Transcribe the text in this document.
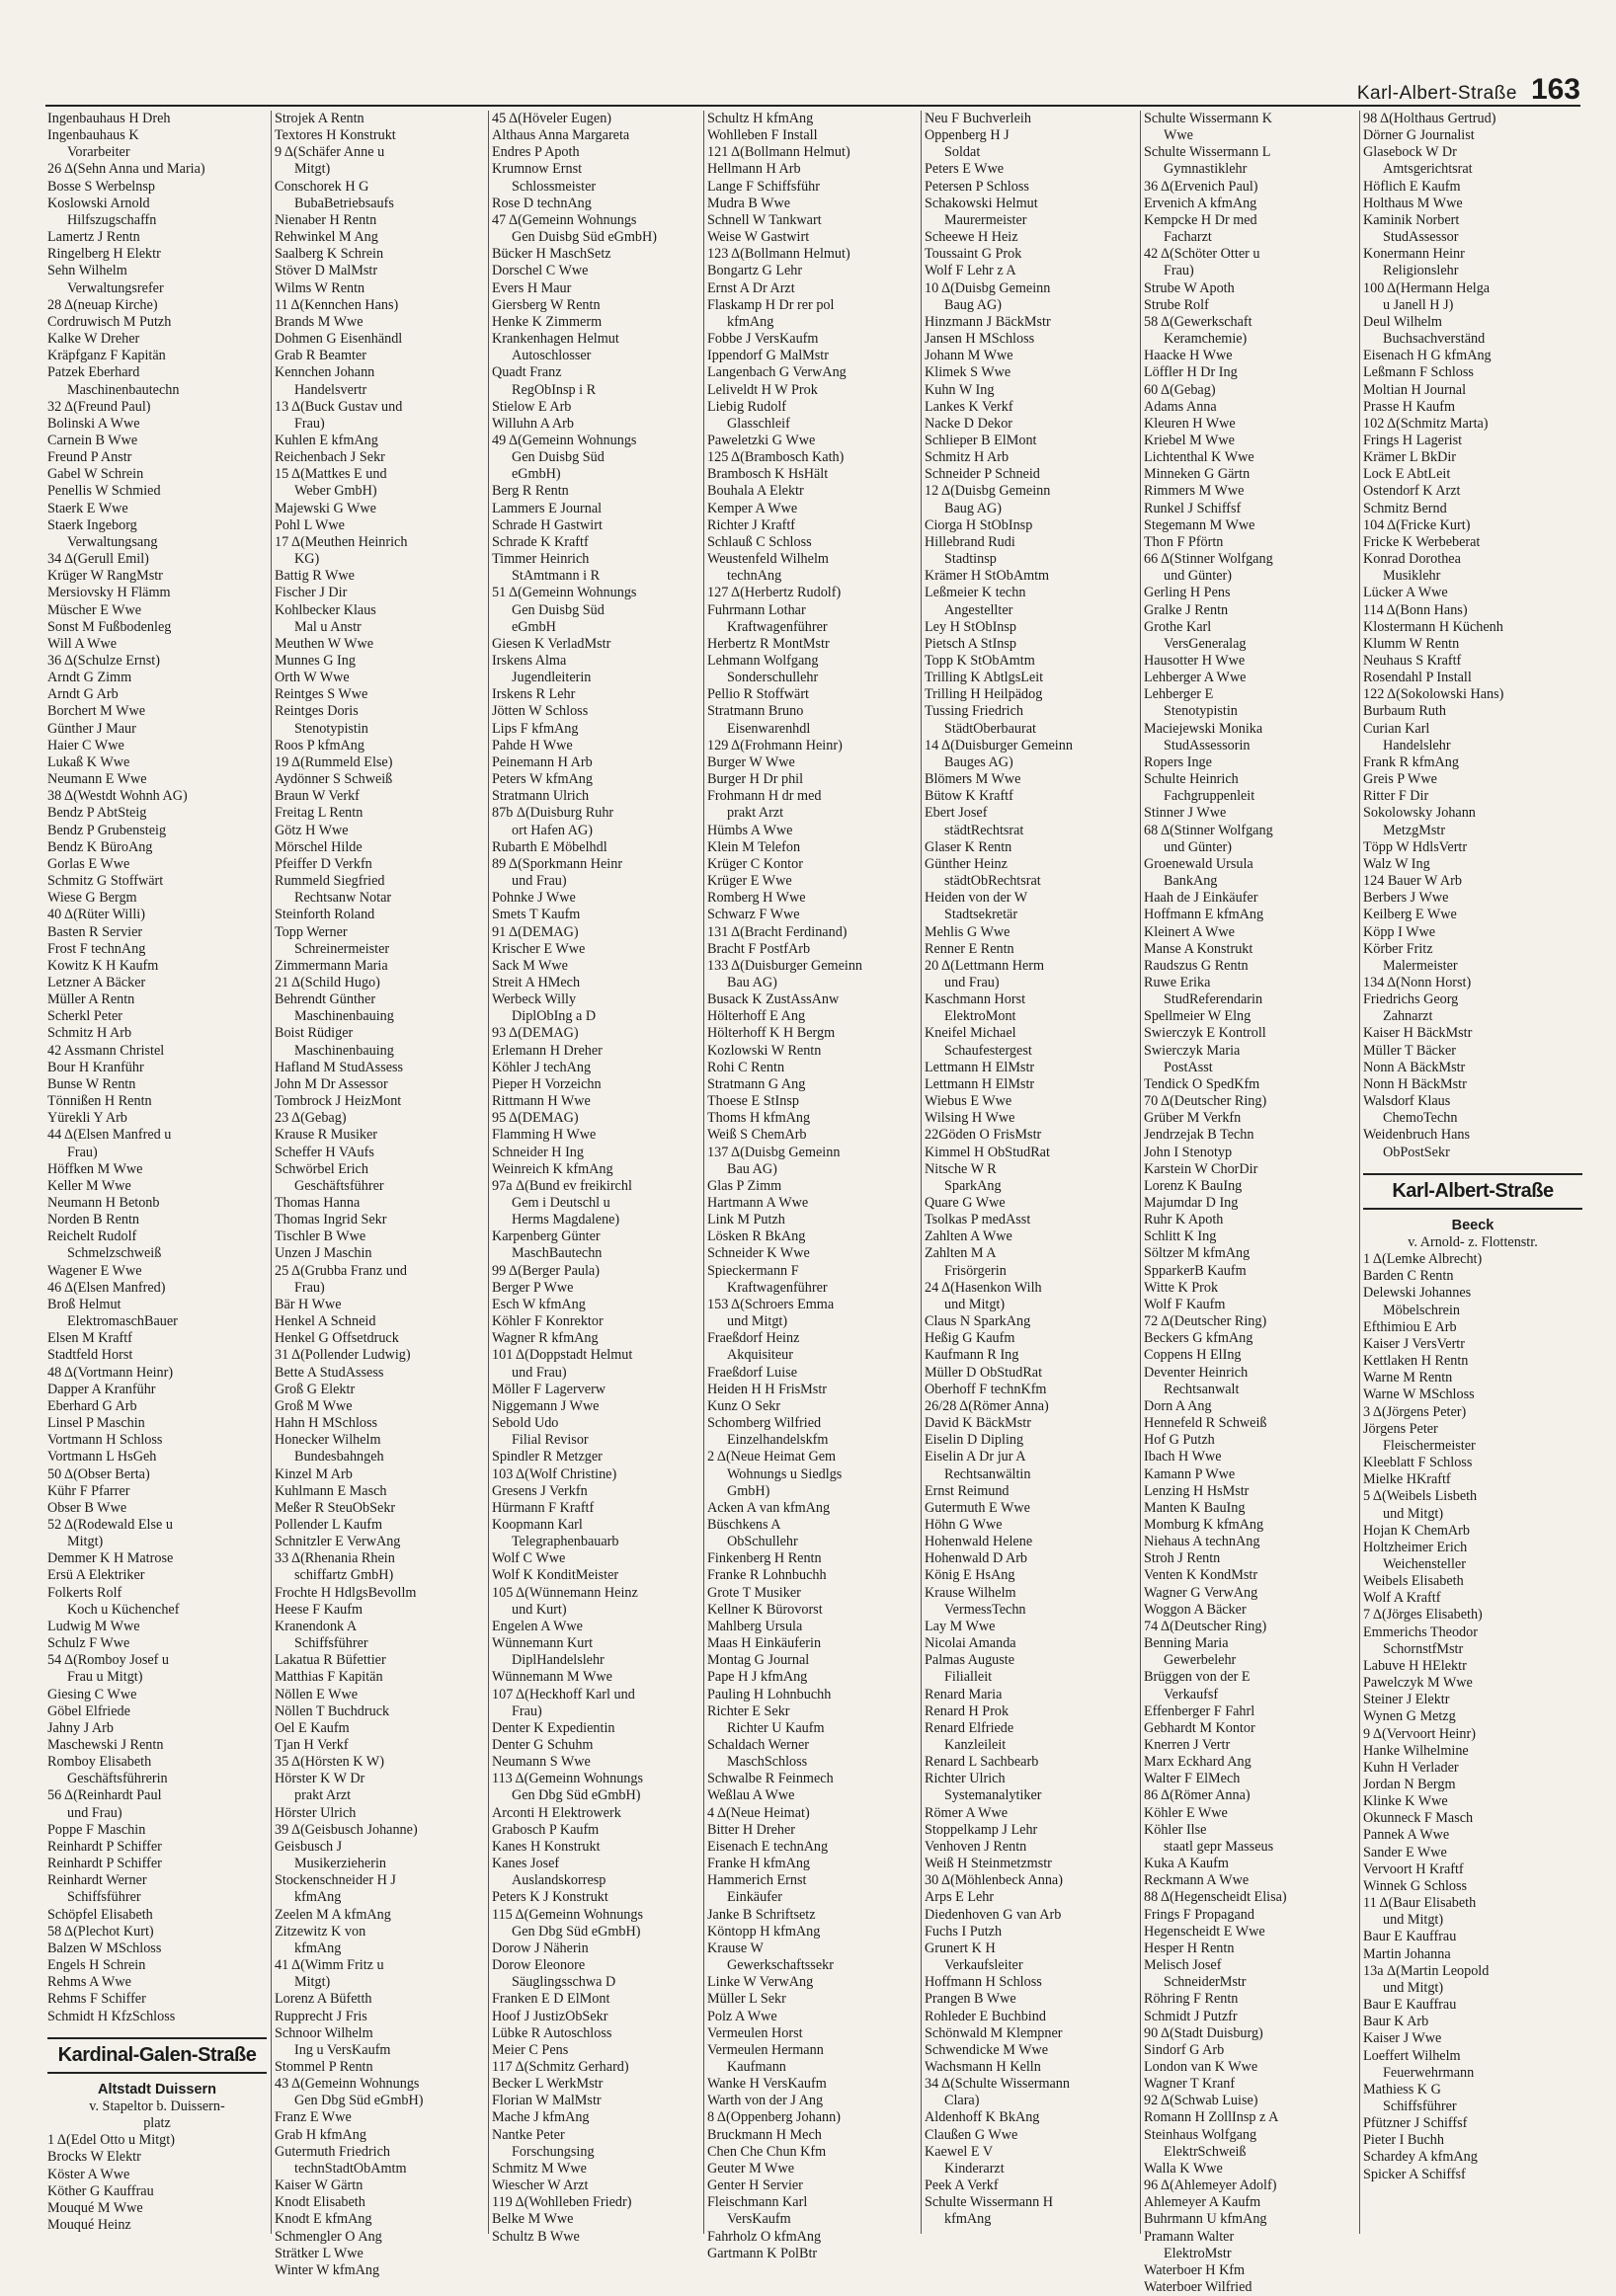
Karl-Albert-Straße 163
Ingenbauhaus H Dreh
Ingenbauhaus K
Vorarbeiter
26 Δ(Sehn Anna und Maria)
Bosse S Werbelnsp
Koslowski Arnold
Hilfszugschaffn
Lamertz J Rentn
Ringelberg H Elektr
Sehn Wilhelm
Verwaltungsrefer
28 Δ(neuap Kirche)
Cordruwisch M Putzh
Kalke W Dreher
Kräpfganz F Kapitän
Patzek Eberhard
Maschinenbautechn
32 Δ(Freund Paul)
Bolinski A Wwe
Carnein B Wwe
Freund P Anstr
Gabel W Schrein
Penellis W Schmied
Staerk E Wwe
Staerk Ingeborg
Verwaltungsang
34 Δ(Gerull Emil)
Krüger W RangMstr
Mersiovsky H Flämm
Müscher E Wwe
Sonst M Fußbodenleg
Will A Wwe
36 Δ(Schulze Ernst)
Arndt G Zimm
Arndt G Arb
Borchert M Wwe
Günther J Maur
Haier C Wwe
Lukaß K Wwe
Neumann E Wwe
38 Δ(Westdt Wohnh AG)
Bendz P AbtSteig
Bendz P Grubensteig
Bendz K BüroAng
Gorlas E Wwe
Schmitz G Stoffwärt
Wiese G Bergm
40 Δ(Rüter Willi)
Basten R Servier
Frost F technAng
Kowitz K H Kaufm
Letzner A Bäcker
Müller A Rentn
Scherkl Peter
Schmitz H Arb
42 Assmann Christel
Bour H Kranführ
Bunse W Rentn
Tönnißen H Rentn
Yürekli Y Arb
44 Δ(Elsen Manfred u
Frau)
Höffken M Wwe
Keller M Wwe
Neumann H Betonb
Norden B Rentn
Reichelt Rudolf
Schmelzschweiß
Wagener E Wwe
46 Δ(Elsen Manfred)
Broß Helmut
ElektromaschBauer
Elsen M Kraftf
Stadtfeld Horst
48 Δ(Vortmann Heinr)
Dapper A Kranführ
Eberhard G Arb
Linsel P Maschin
Vortmann H Schloss
Vortmann L HsGeh
50 Δ(Obser Berta)
Kühr F Pfarrer
Obser B Wwe
52 Δ(Rodewald Else u
Mitgt)
Demmer K H Matrose
Ersü A Elektriker
Folkerts Rolf
Koch u Küchenchef
Ludwig M Wwe
Schulz F Wwe
54 Δ(Romboy Josef u
Frau u Mitgt)
Giesing C Wwe
Göbel Elfriede
Jahny J Arb
Maschewski J Rentn
Romboy Elisabeth
Geschäftsführerin
56 Δ(Reinhardt Paul
und Frau)
Poppe F Maschin
Reinhardt P Schiffer
Reinhardt P Schiffer
Reinhardt Werner
Schiffsführer
Schöpfel Elisabeth
58 Δ(Plechot Kurt)
Balzen W MSchloss
Engels H Schrein
Rehms A Wwe
Rehms F Schiffer
Schmidt H KfzSchloss
Kardinal-Galen-Straße
Altstadt Duissern
v. Stapeltor b. Duissern-
platz
1 Δ(Edel Otto u Mitgt)
Brocks W Elektr
Köster A Wwe
Köther G Kauffrau
Mouqué M Wwe
Mouqué Heinz
Strojek A Rentn
Textores H Konstrukt
9 Δ(Schäfer Anne u
Mitgt)
Conschorek H G
BubaBetriebsaufs
Nienaber H Rentn
Rehwinkel M Ang
Saalberg K Schrein
Stöver D MalMstr
Wilms W Rentn
11 Δ(Kennchen Hans)
Brands M Wwe
Dohmen G Eisenhändl
Grab R Beamter
Kennchen Johann
Handelsvertr
13 Δ(Buck Gustav und
Frau)
Kuhlen E kfmAng
Reichenbach J Sekr
15 Δ(Mattkes E und
Weber GmbH)
Majewski G Wwe
Pohl L Wwe
17 Δ(Meuthen Heinrich
KG)
Battig R Wwe
Fischer J Dir
Kohlbecker Klaus
Mal u Anstr
Meuthen W Wwe
Munnes G Ing
Orth W Wwe
Reintges S Wwe
Reintges Doris
Stenotypistin
Roos P kfmAng
19 Δ(Rummeld Else)
Aydönner S Schweiß
Braun W Verkf
Freitag L Rentn
Götz H Wwe
Mörschel Hilde
Pfeiffer D Verkfn
Rummeld Siegfried
Rechtsanw Notar
Steinforth Roland
Topp Werner
Schreinermeister
Zimmermann Maria
21 Δ(Schild Hugo)
Behrendt Günther
Maschinenbauing
Boist Rüdiger
Maschinenbauing
Hafland M StudAssess
John M Dr Assessor
Tombrock J HeizMont
23 Δ(Gebag)
Krause R Musiker
Scheffer H VAufs
Schwörbel Erich
Geschäftsführer
Thomas Hanna
Thomas Ingrid Sekr
Tischler B Wwe
Unzen J Maschin
25 Δ(Grubba Franz und
Frau)
Bär H Wwe
Henkel A Schneid
Henkel G Offsetdruck
31 Δ(Pollender Ludwig)
Bette A StudAssess
Groß G Elektr
Groß M Wwe
Hahn H MSchloss
Honecker Wilhelm
Bundesbahngeh
Kinzel M Arb
Kuhlmann E Masch
Meßer R SteuObSekr
Pollender L Kaufm
Schnitzler E VerwAng
33 Δ(Rhenania Rhein
schiffartz GmbH)
Frochte H HdlgsBevollm
Heese F Kaufm
Kranendonk A
Schiffsführer
Lakatua R Büfettier
Matthias F Kapitän
Nöllen E Wwe
Nöllen T Buchdruck
Oel E Kaufm
Tjan H Verkf
35 Δ(Hörsten K W)
Hörster K W Dr
prakt Arzt
Hörster Ulrich
39 Δ(Geisbusch Johanne)
Geisbusch J
Musikerzieherin
Stockenschneider H J
kfmAng
Zeelen M A kfmAng
Zitzewitz K von
kfmAng
41 Δ(Wimm Fritz u
Mitgt)
Lorenz A Büfetth
Rupprecht J Fris
Schnoor Wilhelm
Ing u VersKaufm
Stommel P Rentn
43 Δ(Gemeinn Wohnungs
Gen Dbg Süd eGmbH)
Franz E Wwe
Grab H kfmAng
Gutermuth Friedrich
technStadtObAmtm
Kaiser W Gärtn
Knodt Elisabeth
Knodt E kfmAng
Schmengler O Ang
Strätker L Wwe
Winter W kfmAng
45 Δ(Höveler Eugen)
Althaus Anna Margareta
Endres P Apoth
Krumnow Ernst
Schlossmeister
Rose D technAng
47 Δ(Gemeinn Wohnungs
Gen Duisbg Süd eGmbH)
Bücker H MaschSetz
Dorschel C Wwe
Evers H Maur
Giersberg W Rentn
Henke K Zimmerm
Krankenhagen Helmut
Autoschlosser
Quadt Franz
RegObInsp i R
Stielow E Arb
Willuhn A Arb
49 Δ(Gemeinn Wohnungs
Gen Duisbg Süd
eGmbH)
Berg R Rentn
Lammers E Journal
Schrade H Gastwirt
Schrade K Kraftf
Timmer Heinrich
StAmtmann i R
51 Δ(Gemeinn Wohnungs
Gen Duisbg Süd
eGmbH
Giesen K VerladMstr
Irskens Alma
Jugendleiterin
Irskens R Lehr
Jötten W Schloss
Lips F kfmAng
Pahde H Wwe
Peinemann H Arb
Peters W kfmAng
Stratmann Ulrich
87b Δ(Duisburg Ruhr
ort Hafen AG)
Rubarth E Möbelhdl
89 Δ(Sporkmann Heinr
und Frau)
Pohnke J Wwe
Smets T Kaufm
91 Δ(DEMAG)
Krischer E Wwe
Sack M Wwe
Streit A HMech
Werbeck Willy
DiplObIng a D
93 Δ(DEMAG)
Erlemann H Dreher
Köhler J techAng
Pieper H Vorzeichn
Rittmann H Wwe
95 Δ(DEMAG)
Flamming H Wwe
Schneider H Ing
Weinreich K kfmAng
97a Δ(Bund ev freikirchl
Gem i Deutschl u
Herms Magdalene)
Karpenberg Günter
MaschBautechn
99 Δ(Berger Paula)
Berger P Wwe
Esch W kfmAng
Köhler F Konrektor
Wagner R kfmAng
101 Δ(Doppstadt Helmut
und Frau)
Möller F Lagerverw
Niggemann J Wwe
Sebold Udo
Filial Revisor
Spindler R Metzger
103 Δ(Wolf Christine)
Gresens J Verkfn
Hürmann F Kraftf
Koopmann Karl
Telegraphenbauarb
Wolf C Wwe
Wolf K KonditMeister
105 Δ(Wünnemann Heinz
und Kurt)
Engelen A Wwe
Wünnemann Kurt
DiplHandelslehr
Wünnemann M Wwe
107 Δ(Heckhoff Karl und
Frau)
Denter K Expedientin
Denter G Schuhm
Neumann S Wwe
113 Δ(Gemeinn Wohnungs
Gen Dbg Süd eGmbH)
Arconti H Elektrowerk
Grabosch P Kaufm
Kanes H Konstrukt
Kanes Josef
Auslandskorresp
Peters K J Konstrukt
115 Δ(Gemeinn Wohnungs
Gen Dbg Süd eGmbH)
Dorow J Näherin
Dorow Eleonore
Säuglingsschwa D
Franken E D ElMont
Hoof J JustizObSekr
Lübke R Autoschloss
Meier C Pens
117 Δ(Schmitz Gerhard)
Becker L WerkMstr
Florian W MalMstr
Mache J kfmAng
Nantke Peter
Forschungsing
Schmitz M Wwe
Wiescher W Arzt
119 Δ(Wohlleben Friedr)
Belke M Wwe
Schultz B Wwe
Schultz H kfmAng
Wohlleben F Install
121 Δ(Bollmann Helmut)
Hellmann H Arb
Lange F Schiffsführ
Mudra B Wwe
Schnell W Tankwart
Weise W Gastwirt
123 Δ(Bollmann Helmut)
Bongartz G Lehr
Ernst A Dr Arzt
Flaskamp H Dr rer pol
kfmAng
Fobbe J VersKaufm
Ippendorf G MalMstr
Langenbach G VerwAng
Leliveldt H W Prok
Liebig Rudolf
Glasschleif
Paweletzki G Wwe
125 Δ(Brambosch Kath)
Brambosch K HsHält
Bouhala A Elektr
Kemper A Wwe
Richter J Kraftf
Schlauß C Schloss
Weustenfeld Wilhelm
technAng
127 Δ(Herbertz Rudolf)
Fuhrmann Lothar
Kraftwagenführer
Herbertz R MontMstr
Lehmann Wolfgang
Sonderschullehr
Pellio R Stoffwärt
Stratmann Bruno
Eisenwarenhdl
129 Δ(Frohmann Heinr)
Burger W Wwe
Burger H Dr phil
Frohmann H dr med
prakt Arzt
Hümbs A Wwe
Klein M Telefon
Krüger C Kontor
Krüger E Wwe
Romberg H Wwe
Schwarz F Wwe
131 Δ(Bracht Ferdinand)
Bracht F PostfArb
133 Δ(Duisburger Gemeinn
Bau AG)
Busack K ZustAssAnw
Hölterhoff E Ang
Hölterhoff K H Bergm
Kozlowski W Rentn
Rohi C Rentn
Stratmann G Ang
Thoese E StInsp
Thoms H kfmAng
Weiß S ChemArb
137 Δ(Duisbg Gemeinn
Bau AG)
Glas P Zimm
Hartmann A Wwe
Link M Putzh
Lösken R BkAng
Schneider K Wwe
Spieckermann F
Kraftwagenführer
153 Δ(Schroers Emma
und Mitgt)
Fraeßdorf Heinz
Akquisiteur
Fraeßdorf Luise
Heiden H H FrisMstr
Kunz O Sekr
Schomberg Wilfried
Einzelhandelskfm
2 Δ(Neue Heimat Gem
Wohnungs u Siedlgs
GmbH)
Acken A van kfmAng
Büschkens A
ObSchullehr
Finkenberg H Rentn
Franke R Lohnbuchh
Grote T Musiker
Kellner K Bürovorst
Mahlberg Ursula
Maas H Einkäuferin
Montag G Journal
Pape H J kfmAng
Pauling H Lohnbuchh
Richter E Sekr
Richter U Kaufm
Schaldach Werner
MaschSchloss
Schwalbe R Feinmech
Weßlau A Wwe
4 Δ(Neue Heimat)
Bitter H Dreher
Eisenach E technAng
Franke H kfmAng
Hammerich Ernst
Einkäufer
Janke B Schriftsetz
Köntopp H kfmAng
Krause W
Gewerkschaftssekr
Linke W VerwAng
Müller L Sekr
Polz A Wwe
Vermeulen Horst
Vermeulen Hermann
Kaufmann
Wanke H VersKaufm
Warth von der J Ang
8 Δ(Oppenberg Johann)
Bruckmann H Mech
Chen Che Chun Kfm
Geuter M Wwe
Genter H Servier
Fleischmann Karl
VersKaufm
Fahrholz O kfmAng
Gartmann K PolBtr
Neu F Buchverleih
Oppenberg H J
Soldat
Peters E Wwe
Petersen P Schloss
Schakowski Helmut
Maurermeister
Scheewe H Heiz
Toussaint G Prok
Wolf F Lehr z A
10 Δ(Duisbg Gemeinn
Baug AG)
Hinzmann J BäckMstr
Jansen H MSchloss
Johann M Wwe
Klimek S Wwe
Kuhn W Ing
Lankes K Verkf
Nacke D Dekor
Schlieper B ElMont
Schmitz H Arb
Schneider P Schneid
12 Δ(Duisbg Gemeinn
Baug AG)
Ciorga H StObInsp
Hillebrand Rudi
Stadtinsp
Krämer H StObAmtm
Leßmeier K techn
Angestellter
Ley H StObInsp
Pietsch A StInsp
Topp K StObAmtm
Trilling K AbtlgsLeit
Trilling H Heilpädog
Tussing Friedrich
StädtOberbaurat
14 Δ(Duisburger Gemeinn
Bauges AG)
Blömers M Wwe
Bütow K Kraftf
Ebert Josef
städtRechtsrat
Glaser K Rentn
Günther Heinz
städtObRechtsrat
Heiden von der W
Stadtsekretär
Mehlis G Wwe
Renner E Rentn
20 Δ(Lettmann Herm
und Frau)
Kaschmann Horst
ElektroMont
Kneifel Michael
Schaufestergest
Lettmann H ElMstr
Lettmann H ElMstr
Wiebus E Wwe
Wilsing H Wwe
22Göden O FrisMstr
Kimmel H ObStudRat
Nitsche W R
SparkAng
Quare G Wwe
Tsolkas P medAsst
Zahlten A Wwe
Zahlten M A
Frisörgerin
24 Δ(Hasenkon Wilh
und Mitgt)
Claus N SparkAng
Heßig G Kaufm
Kaufmann R Ing
Müller D ObStudRat
Oberhoff F technKfm
26/28 Δ(Römer Anna)
David K BäckMstr
Eiselin D Dipling
Eiselin A Dr jur A
Rechtsanwältin
Ernst Reimund
Gutermuth E Wwe
Höhn G Wwe
Hohenwald Helene
Hohenwald D Arb
König E HsAng
Krause Wilhelm
VermessTechn
Lay M Wwe
Nicolai Amanda
Palmas Auguste
Filialleit
Renard Maria
Renard H Prok
Renard Elfriede
Kanzleileit
Renard L Sachbearb
Richter Ulrich
Systemanalytiker
Römer A Wwe
Stoppelkamp J Lehr
Venhoven J Rentn
Weiß H Steinmetzmstr
30 Δ(Möhlenbeck Anna)
Arps E Lehr
Diedenhoven G van Arb
Fuchs I Putzh
Grunert K H
Verkaufsleiter
Hoffmann H Schloss
Prangen B Wwe
Rohleder E Buchbind
Schönwald M Klempner
Schwendicke M Wwe
Wachsmann H Kelln
34 Δ(Schulte Wissermann
Clara)
Aldenhoff K BkAng
Claußen G Wwe
Kaewel E V
Kinderarzt
Peek A Verkf
Schulte Wissermann H
kfmAng
Schulte Wissermann K
Wwe
Schulte Wissermann L
Gymnastiklehr
36 Δ(Ervenich Paul)
Ervenich A kfmAng
Kempcke H Dr med
Facharzt
42 Δ(Schöter Otter u
Frau)
Strube W Apoth
Strube Rolf
58 Δ(Gewerkschaft
Keramchemie)
Haacke H Wwe
Löffler H Dr Ing
60 Δ(Gebag)
Adams Anna
Kleuren H Wwe
Kriebel M Wwe
Lichtenthal K Wwe
Minneken G Gärtn
Rimmers M Wwe
Runkel J Schiffsf
Stegemann M Wwe
Thon F Pförtn
66 Δ(Stinner Wolfgang
und Günter)
Gerling H Pens
Gralke J Rentn
Grothe Karl
VersGeneralag
Hausotter H Wwe
Lehberger A Wwe
Lehberger E
Stenotypistin
Maciejewski Monika
StudAssessorin
Ropers Inge
Schulte Heinrich
Fachgruppenleit
Stinner J Wwe
68 Δ(Stinner Wolfgang
und Günter)
Groenewald Ursula
BankAng
Haah de J Einkäufer
Hoffmann E kfmAng
Kleinert A Wwe
Manse A Konstrukt
Raudszus G Rentn
Ruwe Erika
StudReferendarin
Spellmeier W Elng
Swierczyk E Kontroll
Swierczyk Maria
PostAsst
Tendick O SpedKfm
70 Δ(Deutscher Ring)
Grüber M Verkfn
Jendrzejak B Techn
John I Stenotyp
Karstein W ChorDir
Lorenz K BauIng
Majumdar D Ing
Ruhr K Apoth
Schlitt K Ing
Söltzer M kfmAng
SpparkerB Kaufm
Witte K Prok
Wolf F Kaufm
72 Δ(Deutscher Ring)
Beckers G kfmAng
Coppens H ElIng
Deventer Heinrich
Rechtsanwalt
Dorn A Ang
Hennefeld R Schweiß
Hof G Putzh
Ibach H Wwe
Kamann P Wwe
Lenzing H HsMstr
Manten K BauIng
Momburg K kfmAng
Niehaus A technAng
Stroh J Rentn
Venten K KondMstr
Wagner G VerwAng
Woggon A Bäcker
74 Δ(Deutscher Ring)
Benning Maria
Gewerbelehr
Brüggen von der E
Verkaufsf
Effenberger F Fahrl
Gebhardt M Kontor
Knerren J Vertr
Marx Eckhard Ang
Walter F ElMech
86 Δ(Römer Anna)
Köhler E Wwe
Köhler Ilse
staatl gepr Masseus
Kuka A Kaufm
Reckmann A Wwe
88 Δ(Hegenscheidt Elisa)
Frings F Propagand
Hegenscheidt E Wwe
Hesper H Rentn
Melisch Josef
SchneiderMstr
Röhring F Rentn
Schmidt J Putzfr
90 Δ(Stadt Duisburg)
Sindorf G Arb
London van K Wwe
Wagner T Kranf
92 Δ(Schwab Luise)
Romann H ZollInsp z A
Steinhaus Wolfgang
ElektrSchweiß
Walla K Wwe
96 Δ(Ahlemeyer Adolf)
Ahlemeyer A Kaufm
Buhrmann U kfmAng
Pramann Walter
ElektroMstr
Waterboer H Kfm
Waterboer Wilfried
98 Δ(Holthaus Gertrud)
Dörner G Journalist
Glasebock W Dr
Amtsgerichtsrat
Höflich E Kaufm
Holthaus M Wwe
Kaminik Norbert
StudAssessor
Konermann Heinr
Religionslehr
100 Δ(Hermann Helga
u Janell H J)
Deul Wilhelm
Buchsachverständ
Eisenach H G kfmAng
Leßmann F Schloss
Moltian H Journal
Prasse H Kaufm
102 Δ(Schmitz Marta)
Frings H Lagerist
Krämer L BkDir
Lock E AbtLeit
Ostendorf K Arzt
Schmitz Bernd
104 Δ(Fricke Kurt)
Fricke K Werbeberat
Konrad Dorothea
Musiklehr
Lücker A Wwe
114 Δ(Bonn Hans)
Klostermann H Küchenh
Klumm W Rentn
Neuhaus S Kraftf
Rosendahl P Install
122 Δ(Sokolowski Hans)
Burbaum Ruth
Curian Karl
Handelslehr
Frank R kfmAng
Greis P Wwe
Ritter F Dir
Sokolowsky Johann
MetzgMstr
Töpp W HdlsVertr
Walz W Ing
124 Bauer W Arb
Berbers J Wwe
Keilberg E Wwe
Köpp I Wwe
Körber Fritz
Malermeister
134 Δ(Nonn Horst)
Friedrichs Georg
Zahnarzt
Kaiser H BäckMstr
Müller T Bäcker
Nonn A BäckMstr
Nonn H BäckMstr
Walsdorf Klaus
ChemoTechn
Weidenbruch Hans
ObPostSekr
Karl-Albert-Straße
Beeck
v. Arnold- z. Flottenstr.
1 Δ(Lemke Albrecht)
Barden C Rentn
Delewski Johannes
Möbelschrein
Efthimiou E Arb
Kaiser J VersVertr
Kettlaken H Rentn
Warne M Rentn
Warne W MSchloss
3 Δ(Jörgens Peter)
Jörgens Peter
Fleischermeister
Kleeblatt F Schloss
Mielke HKraftf
5 Δ(Weibels Lisbeth
und Mitgt)
Hojan K ChemArb
Holtzheimer Erich
Weichensteller
Weibels Elisabeth
Wolf A Kraftf
7 Δ(Jörges Elisabeth)
Emmerichs Theodor
SchornstfMstr
Labuve H HElektr
Pawelczyk M Wwe
Steiner J Elektr
Wynen G Metzg
9 Δ(Vervoort Heinr)
Hanke Wilhelmine
Kuhn H Verlader
Jordan N Bergm
Klinke K Wwe
Okunneck F Masch
Pannek A Wwe
Sander E Wwe
Vervoort H Kraftf
Winnek G Schloss
11 Δ(Baur Elisabeth
und Mitgt)
Baur E Kauffrau
Martin Johanna
13a Δ(Martin Leopold
und Mitgt)
Baur E Kauffrau
Baur K Arb
Kaiser J Wwe
Loeffert Wilhelm
Feuerwehrmann
Mathiess K G
Schiffsführer
Pfützner J Schiffsf
Pieter I Buchh
Schardey A kfmAng
Spicker A Schiffsf
